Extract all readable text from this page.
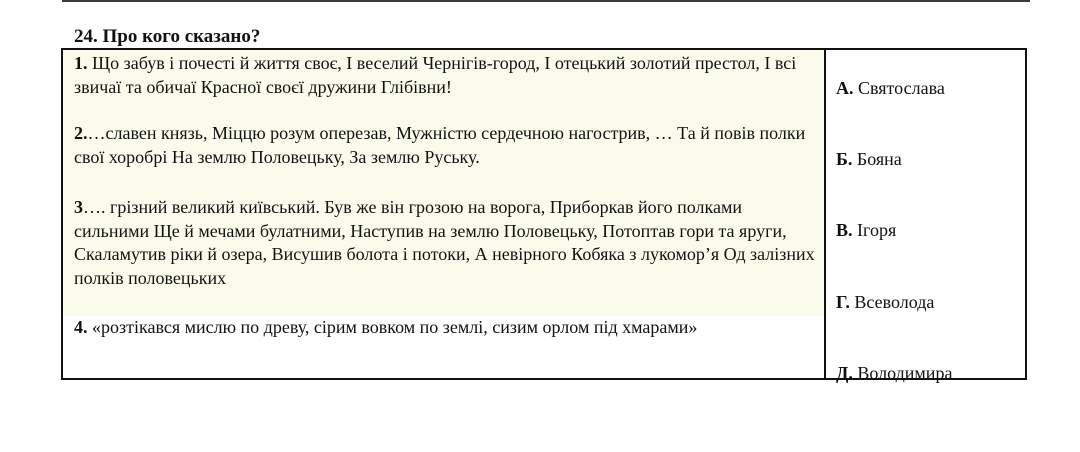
24. Про кого сказано?
1. Що забув і почесті й життя своє, І веселий Чернігів-город, І отецький золотий престол, І всі звичаї та обичаї Красної своєї дружини Глібівни!
2.…славен князь, Міццю розум оперезав, Мужністю сердечною нагострив, … Та й повів полки свої хоробрі На землю Половецьку, За землю Руську.
3…. грізний великий київський. Був же він грозою на ворога, Приборкав його полками сильними Ще й мечами булатними, Наступив на землю Половецьку, Потоптав гори та яруги, Скаламутив ріки й озера, Висушив болота і потоки, А невірного Кобяка з лукомор’я Од залізних полків половецьких
4. «розтікався мислю по древу, сірим вовком по землі, сизим орлом під хмарами»
А. Святослава
Б. Бояна
В. Ігоря
Г. Всеволода
Д. Володимира
